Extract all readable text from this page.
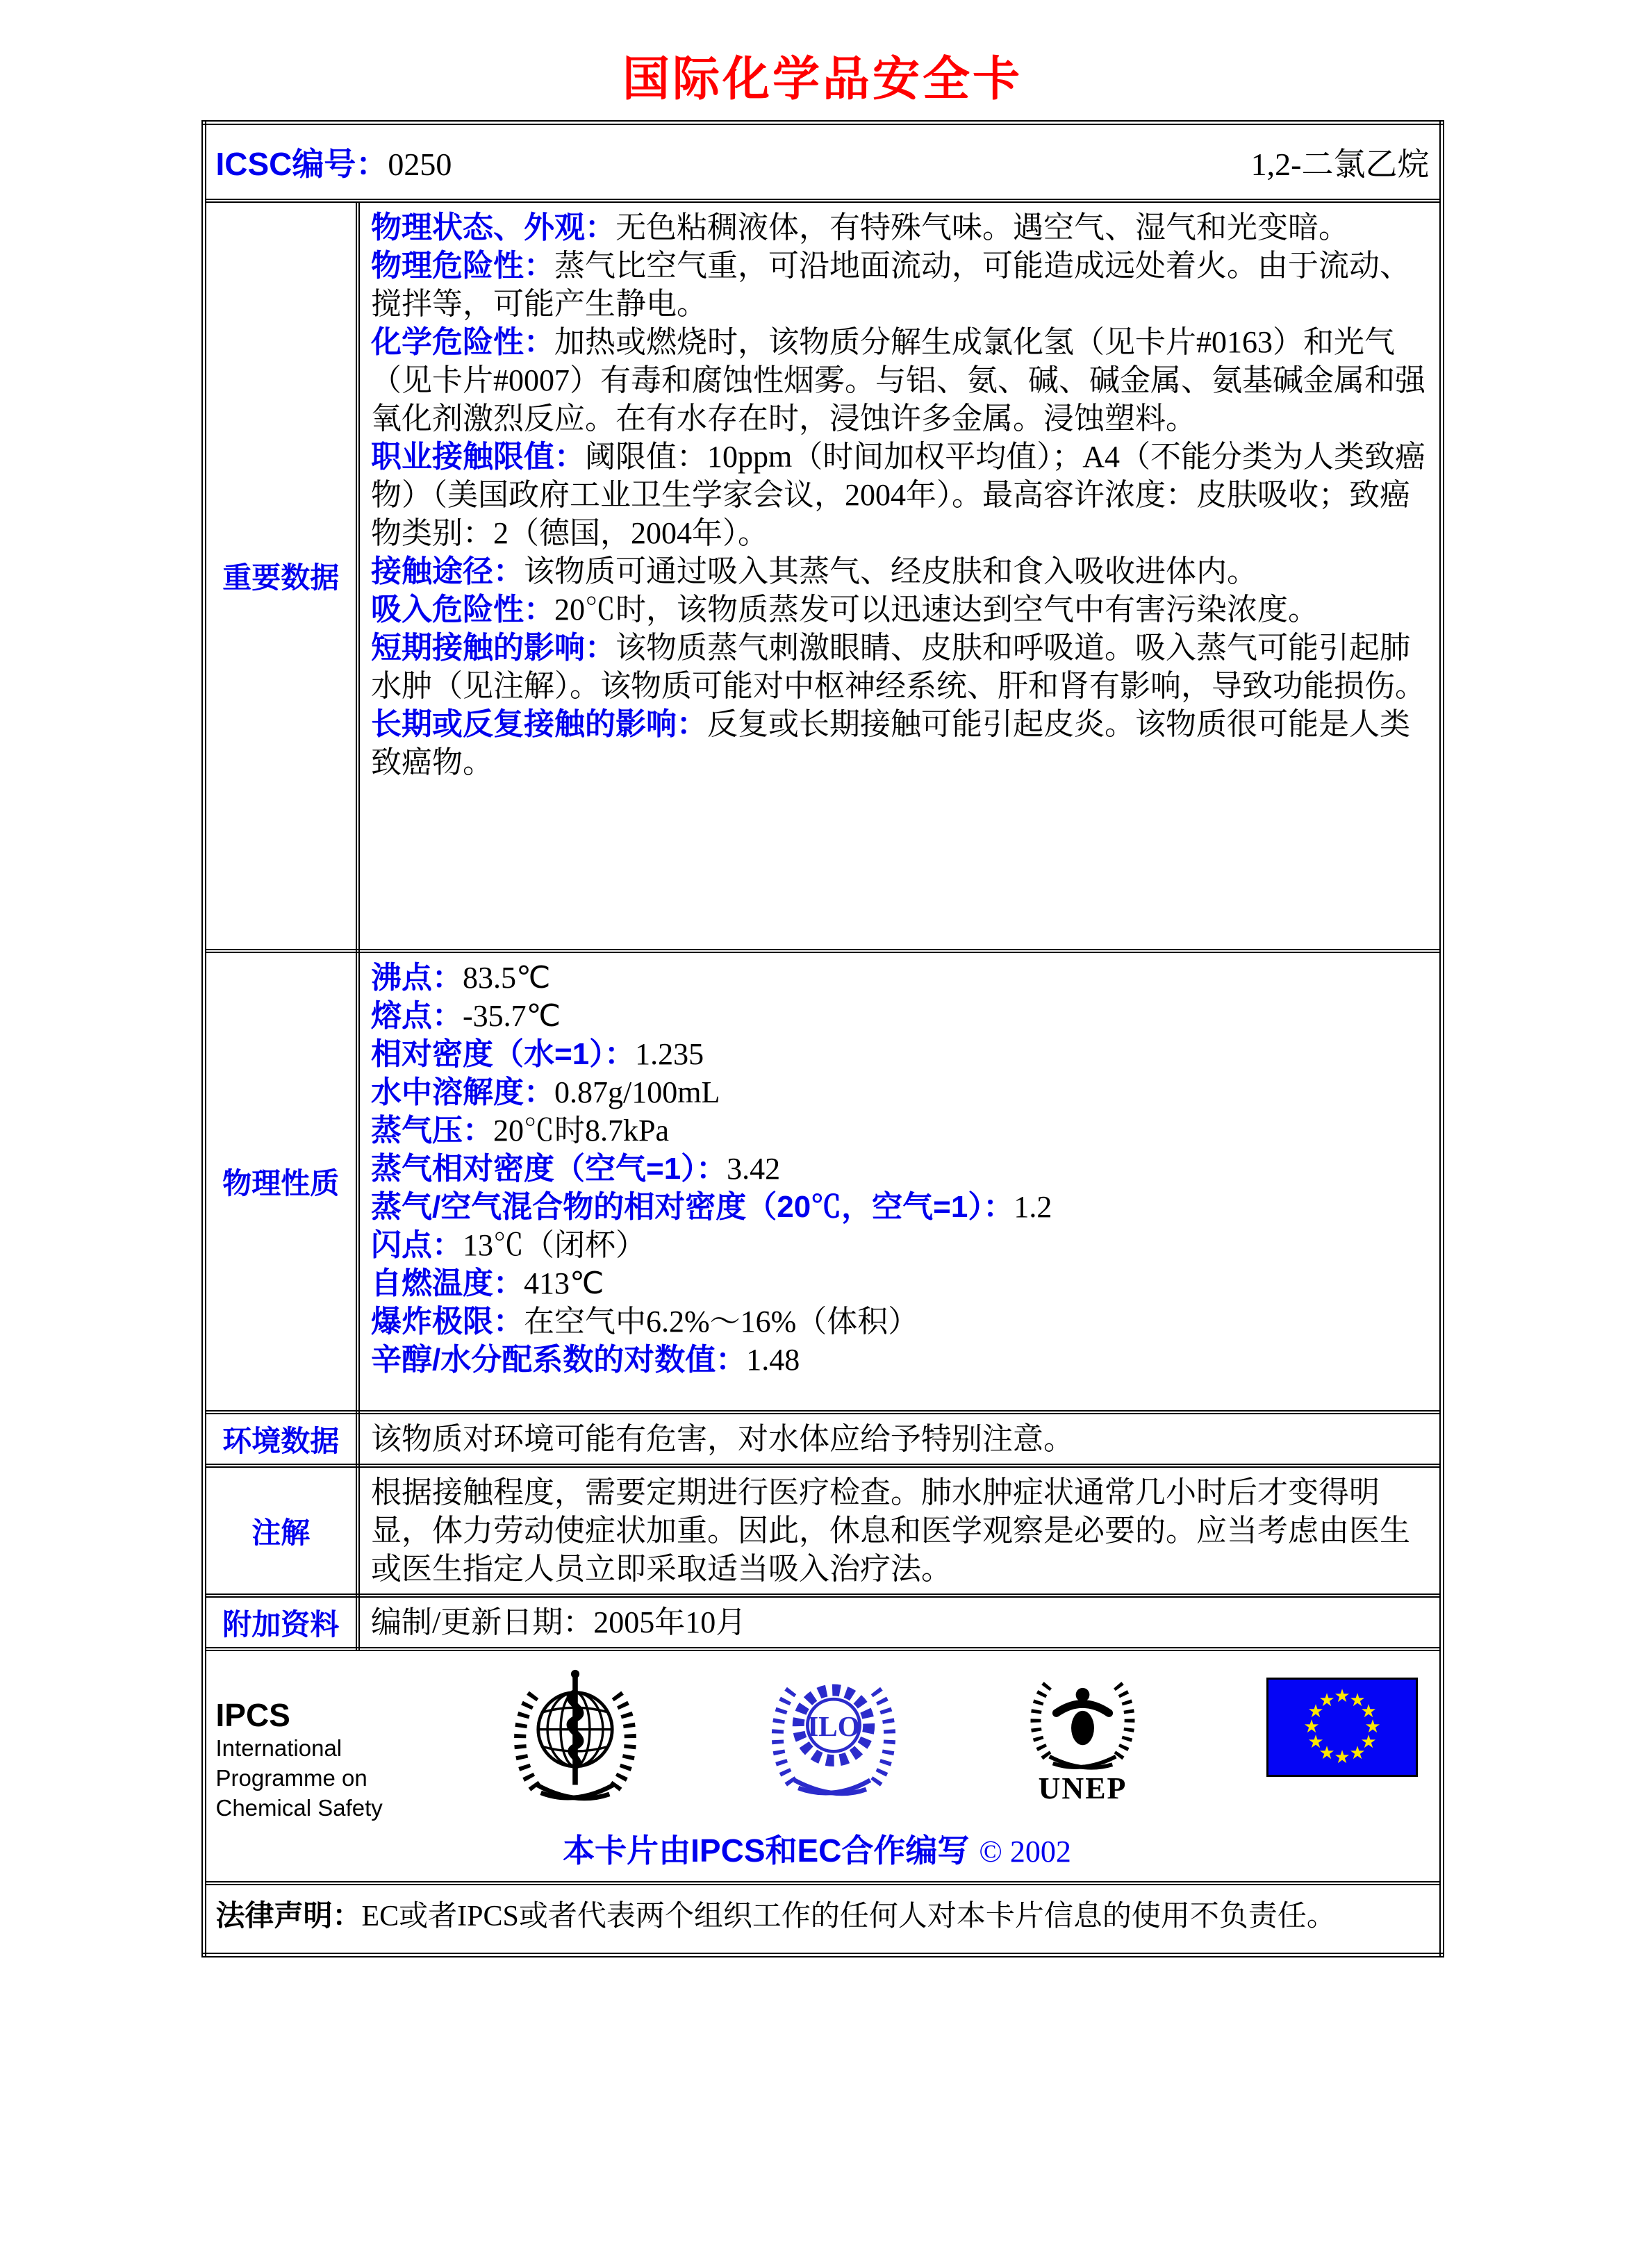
国际化学品安全卡
ICSC编号：0250 1,2-二氯乙烷	

重要数据	
物理状态、外观：无色粘稠液体，有特殊气味。遇空气、湿气和光变暗。
物理危险性：蒸气比空气重，可沿地面流动，可能造成远处着火。由于流动、搅拌等，可能产生静电。
化学危险性：加热或燃烧时，该物质分解生成氯化氢（见卡片#0163）和光气（见卡片#0007）有毒和腐蚀性烟雾。与铝、氨、碱、碱金属、氨基碱金属和强氧化剂激烈反应。在有水存在时，浸蚀许多金属。浸蚀塑料。
职业接触限值：阈限值：10ppm（时间加权平均值）；A4（不能分类为人类致癌物）（美国政府工业卫生学家会议，2004年）。最高容许浓度：皮肤吸收；致癌物类别：2（德国，2004年）。
接触途径：该物质可通过吸入其蒸气、经皮肤和食入吸收进体内。
吸入危险性：20℃时，该物质蒸发可以迅速达到空气中有害污染浓度。
短期接触的影响：该物质蒸气刺激眼睛、皮肤和呼吸道。吸入蒸气可能引起肺水肿（见注解）。该物质可能对中枢神经系统、肝和肾有影响，导致功能损伤。
长期或反复接触的影响：反复或长期接触可能引起皮炎。该物质很可能是人类致癌物。

物理性质	
沸点：83.5℃
熔点：-35.7℃
相对密度（水=1）：1.235
水中溶解度：0.87g/100mL
蒸气压：20℃时8.7kPa
蒸气相对密度（空气=1）：3.42
蒸气/空气混合物的相对密度（20℃，空气=1）：1.2
闪点：13℃（闭杯）
自燃温度：413℃
爆炸极限：在空气中6.2%～16%（体积）
辛醇/水分配系数的对数值：1.48

环境数据	该物质对环境可能有危害，对水体应给予特别注意。

注解	根据接触程度，需要定期进行医疗检查。肺水肿症状通常几小时后才变得明显，体力劳动使症状加重。因此，休息和医学观察是必要的。应当考虑由医生或医生指定人员立即采取适当吸入治疗法。

附加资料	编制/更新日期：2005年10月

IPCS
International
Programme on
Chemical Safety
ILO
UNEP
★
★
★
★
★
★
★
★
★
★
★
★
本卡片由IPCS和EC合作编写 © 2002

法律声明：EC或者IPCS或者代表两个组织工作的任何人对本卡片信息的使用不负责任。	
